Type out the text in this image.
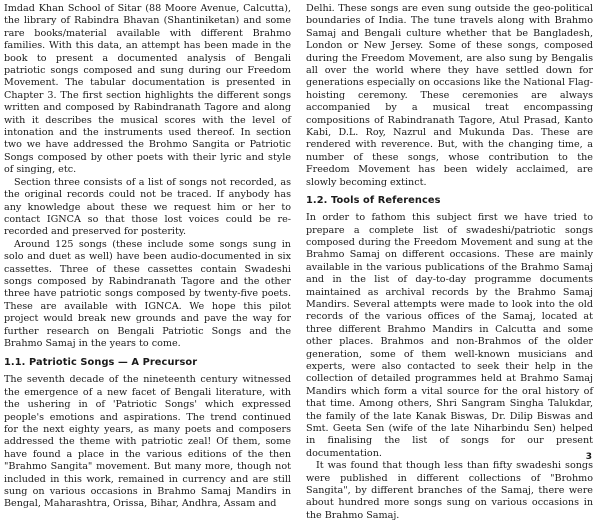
Imdad Khan School of Sitar (88 Moore Avenue, Calcutta), the library of Rabindra Bhavan (Shantiniketan) and some rare books/material available with different Brahmo families. With this data, an attempt has been made in the book to present a documented analysis of Bengali patriotic songs composed and sung during our Freedom Movement. The tabular documentation is presented in Chapter 3. The first section highlights the different songs written and composed by Rabindranath Tagore and along with it describes the musical scores with the level of intonation and the instruments used thereof. In section two we have addressed the Brohmo Sangita or Patriotic Songs composed by other poets with their lyric and style of singing, etc.

Section three consists of a list of songs not recorded, as the original records could not be traced. If anybody has any knowledge about these we request him or her to contact IGNCA so that those lost voices could be re-recorded and preserved for posterity.

Around 125 songs (these include some songs sung in solo and duet as well) have been audio-documented in six cassettes. Three of these cassettes contain Swadeshi songs composed by Rabindranath Tagore and the other three have patriotic songs composed by twenty-five poets. These are available with IGNCA. We hope this pilot project would break new grounds and pave the way for further research on Bengali Patriotic Songs and the Brahmo Samaj in the years to come.

1.1. Patriotic Songs — A Precursor

The seventh decade of the nineteenth century witnessed the emergence of a new facet of Bengali literature, with the ushering in of 'Patriotic Songs' which expressed people's emotions and aspirations. The trend continued for the next eighty years, as many poets and composers addressed the theme with patriotic zeal! Of them, some have found a place in the various editions of the then "Brahmo Sangita" movement. But many more, though not included in this work, remained in currency and are still sung on various occasions in Brahmo Samaj Mandirs in Bengal, Maharashtra, Orissa, Bihar, Andhra, Assam and

Delhi. These songs are even sung outside the geo-political boundaries of India. The tune travels along with Brahmo Samaj and Bengali culture whether that be Bangladesh, London or New Jersey. Some of these songs, composed during the Freedom Movement, are also sung by Bengalis all over the world where they have settled down for generations especially on occasions like the National Flag-hoisting ceremony. These ceremonies are always accompanied by a musical treat encompassing compositions of Rabindranath Tagore, Atul Prasad, Kanto Kabi, D.L. Roy, Nazrul and Mukunda Das. These are rendered with reverence. But, with the changing time, a number of these songs, whose contribution to the Freedom Movement has been widely acclaimed, are slowly becoming extinct.

1.2. Tools of References

In order to fathom this subject first we have tried to prepare a complete list of swadeshi/patriotic songs composed during the Freedom Movement and sung at the Brahmo Samaj on different occasions. These are mainly available in the various publications of the Brahmo Samaj and in the list of day-to-day programme documents maintained as archival records by the Brahmo Samaj Mandirs. Several attempts were made to look into the old records of the various offices of the Samaj, located at three different Brahmo Mandirs in Calcutta and some other places. Brahmos and non-Brahmos of the older generation, some of them well-known musicians and experts, were also contacted to seek their help in the collection of detailed programmes held at Brahmo Samaj Mandirs which form a vital source for the oral history of that time. Among others, Shri Sangram Singha Talukdar, the family of the late Kanak Biswas, Dr. Dilip Biswas and Smt. Geeta Sen (wife of the late Niharbindu Sen) helped in finalising the list of songs for our present documentation.

It was found that though less than fifty swadeshi songs were published in different collections of "Brohmo Sangita", by different branches of the Samaj, there were about hundred more songs sung on various occasions in the Brahmo Samaj.

3
